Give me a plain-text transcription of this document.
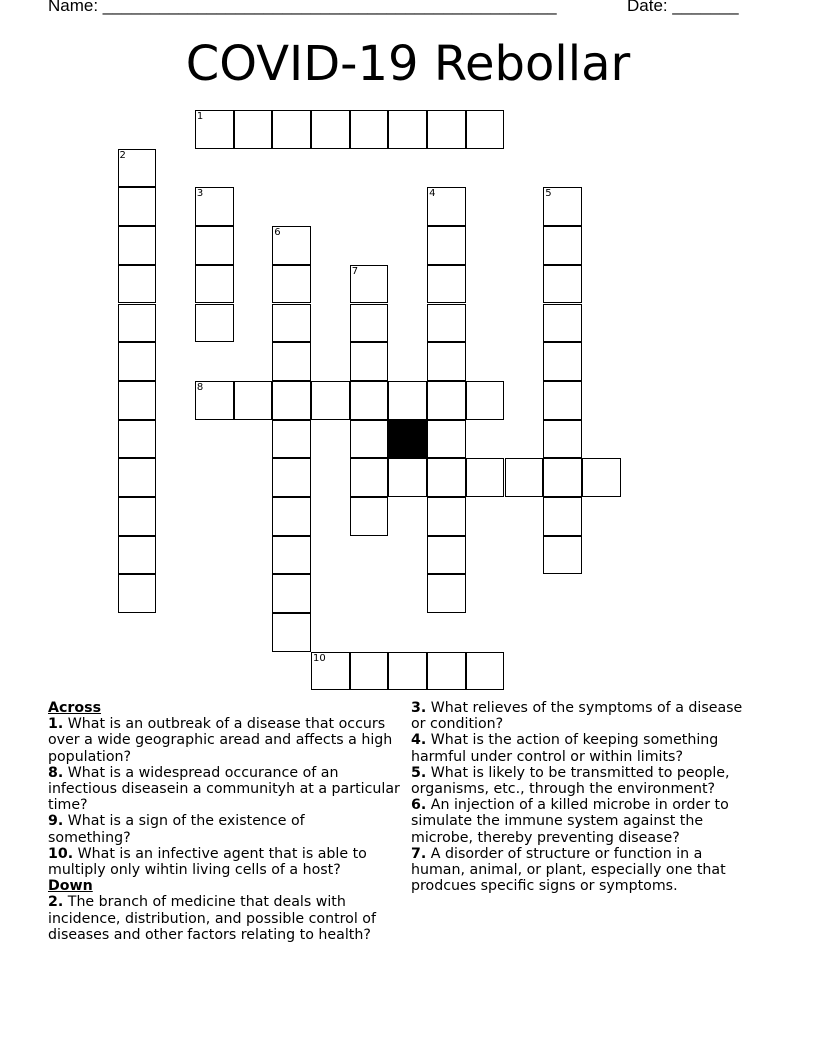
Name: ________________________________________________	Date: _______
COVID-19 Rebollar
1
2
3	4	5
6
7
8
10
Across
1. What is an outbreak of a disease that occurs over a wide geographic aread and affects a high population?
8. What is a widespread occurance of an infectious diseasein a communityh at a particular time?
9. What is a sign of the existence of something?
10. What is an infective agent that is able to multiply only wihtin living cells of a host?
Down
2. The branch of medicine that deals with incidence, distribution, and possible control of diseases and other factors relating to health?
3. What relieves of the symptoms of a disease or condition?
4. What is the action of keeping something harmful under control or within limits?
5. What is likely to be transmitted to people, organisms, etc., through the environment?
6. An injection of a killed microbe in order to simulate the immune system against the microbe, thereby preventing disease?
7. A disorder of structure or function in a human, animal, or plant, especially one that prodcues specific signs or symptoms.
